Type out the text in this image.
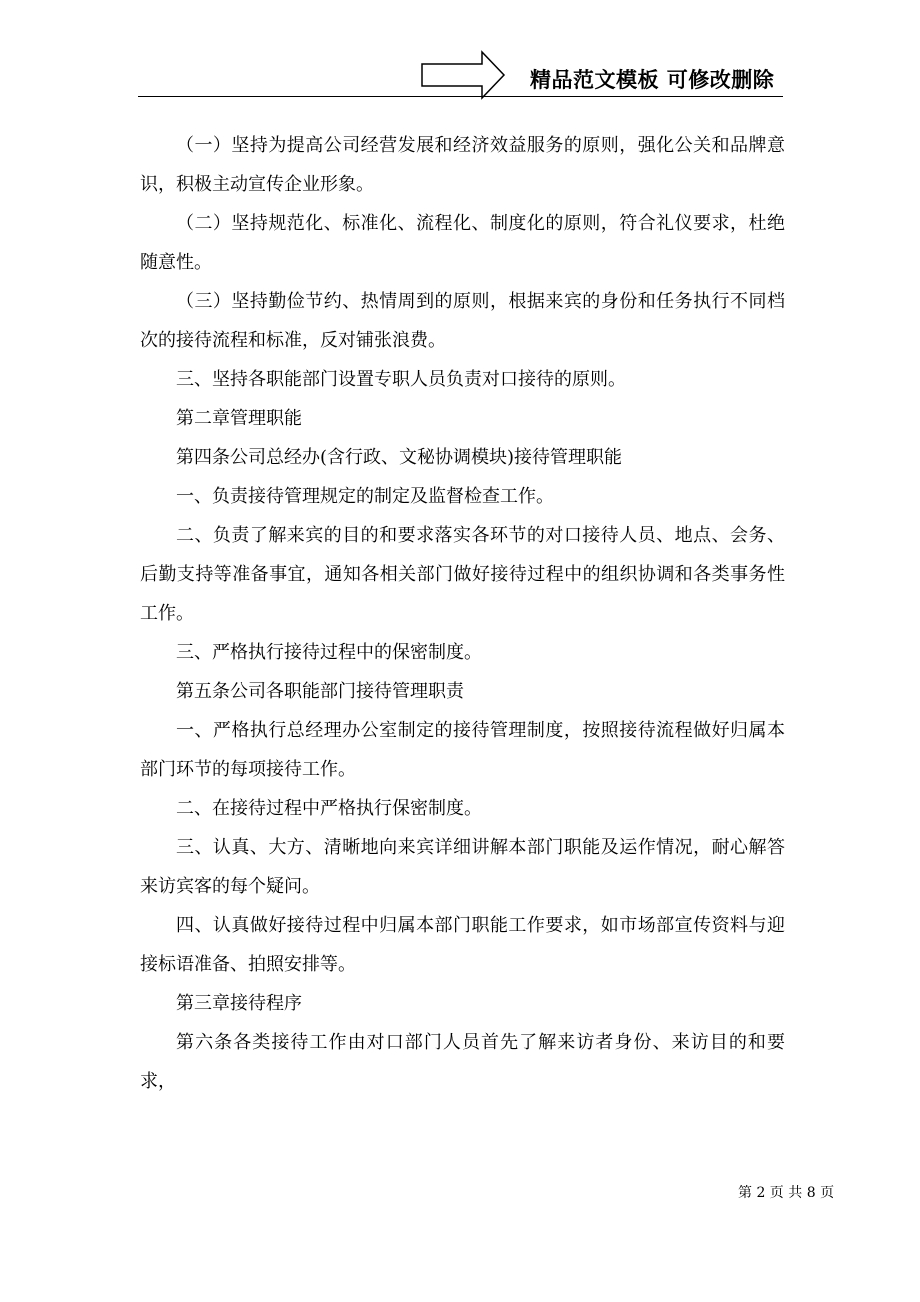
精品范文模板 可修改删除

（一）坚持为提高公司经营发展和经济效益服务的原则，强化公关和品牌意识，积极主动宣传企业形象。

（二）坚持规范化、标准化、流程化、制度化的原则，符合礼仪要求，杜绝随意性。

（三）坚持勤俭节约、热情周到的原则，根据来宾的身份和任务执行不同档次的接待流程和标准，反对铺张浪费。

三、坚持各职能部门设置专职人员负责对口接待的原则。

第二章管理职能

第四条公司总经办(含行政、文秘协调模块)接待管理职能

一、负责接待管理规定的制定及监督检查工作。

二、负责了解来宾的目的和要求落实各环节的对口接待人员、地点、会务、后勤支持等准备事宜，通知各相关部门做好接待过程中的组织协调和各类事务性工作。

三、严格执行接待过程中的保密制度。

第五条公司各职能部门接待管理职责

一、严格执行总经理办公室制定的接待管理制度，按照接待流程做好归属本部门环节的每项接待工作。

二、在接待过程中严格执行保密制度。

三、认真、大方、清晰地向来宾详细讲解本部门职能及运作情况，耐心解答来访宾客的每个疑问。

四、认真做好接待过程中归属本部门职能工作要求，如市场部宣传资料与迎接标语准备、拍照安排等。

第三章接待程序

第六条各类接待工作由对口部门人员首先了解来访者身份、来访目的和要求，

第 2 页 共 8 页
